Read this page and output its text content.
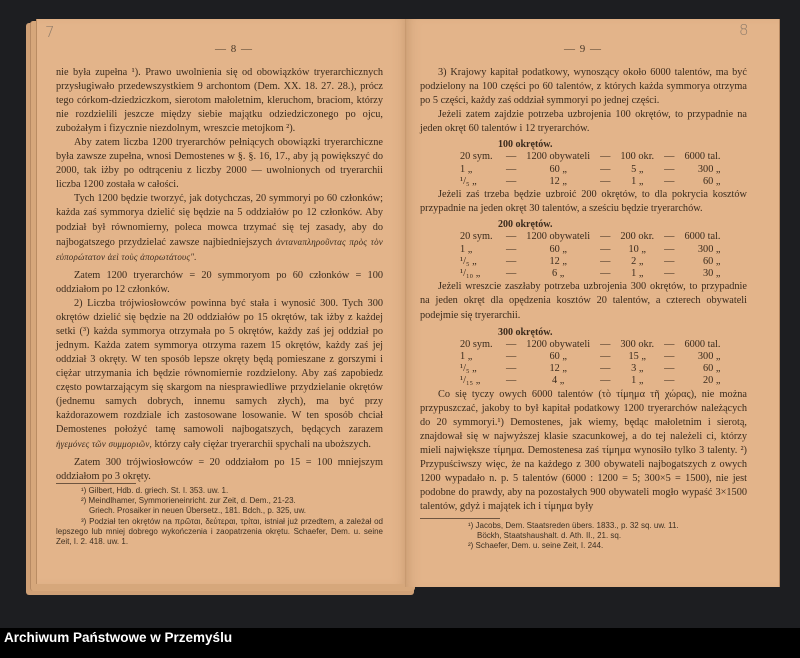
7
— 8 —

nie była zupełna ¹). Prawo uwolnienia się od obowiązków tryerarchicznych przysługiwało przedewszystkiem 9 archontom (Dem. XX. 18. 27. 28.), prócz tego córkom-dziedziczkom, sierotom małoletnim, kleruchom, braciom, którzy nie rozdzielili jeszcze między siebie majątku odziedziczonego po ojcu, zubożałym i fizycznie niezdolnym, wreszcie metojkom ²).

Aby zatem liczba 1200 tryerarchów pełniących obowiązki tryerarchiczne była zawsze zupełna, wnosi Demostenes w §. §. 16, 17., aby ją powiększyć do 2000, tak iżby po odtrąceniu z liczby 2000 — uwolnionych od tryerarchii liczba 1200 została w całości.

Tych 1200 będzie tworzyć, jak dotychczas, 20 symmoryi po 60 członków; każda zaś symmorya dzielić się będzie na 5 oddziałów po 12 członków. Aby podział był równomierny, poleca mowca trzymać się tej zasady, aby do najbogatszego przydzielać zawsze najbiedniejszych ἀνταναπληροῦντας πρὸς τὸν εὐπορώτατον ἀεὶ τοὺς ἀπορωτάτους".

Zatem 1200 tryerarchów = 20 symmoryom po 60 członków = 100 oddziałom po 12 członków.

2) Liczba trójwiosłowców powinna być stała i wynosić 300. Tych 300 okrętów dzielić się będzie na 20 oddziałów po 15 okrętów, tak iżby z każdej setki (³) każda symmorya otrzymała po 5 okrętów, każdy zaś jej oddział po jednym. Każda zatem symmorya otrzyma razem 15 okrętów, każdy zaś jej oddział 3 okręty. W ten sposób lepsze okręty będą pomieszane z gorszymi i ciężar utrzymania ich będzie równomiernie rozdzielony. Aby zaś zapobiedz często powtarzającym się skargom na niesprawiedliwe przydzielanie okrętów (jednemu samych dobrych, innemu samych złych), ma być przy każdorazowem rozdziale ich zastosowane losowanie. W ten sposób chciał Demostenes położyć tamę samowoli najbogatszych, będących zarazem ἡγεμόνες τῶν συμμοριῶν, którzy cały ciężar tryerarchii spychali na uboższych.

Zatem 300 trójwiosłowców = 20 oddziałom po 15 = 100 mniejszym oddziałom po 3 okręty.

¹) Gilbert, Hdb. d. griech. St. I. 353. uw. 1.

²) Meindlhamer, Symmorieneinricht. zur Zeit, d. Dem., 21-23.

Griech. Prosaiker in neuen Übersetz., 181. Bdch., p. 325, uw.

³) Podział ten okrętów na πρῶται, δεύτεραι, τρίται, istniał już przedtem, a zależał od lepszego lub mniej dobrego wykończenia i zaopatrzenia okrętu. Schaefer, Dem. u. seine Zeit, I. 2. 418. uw. 1.

8
— 9 —

3) Krajowy kapitał podatkowy, wynoszący około 6000 talentów, ma być podzielony na 100 części po 60 talentów, z których każda symmorya otrzyma po 5 części, każdy zaś oddział symmoryi po jednej części.

Jeżeli zatem zajdzie potrzeba uzbrojenia 100 okrętów, to przypadnie na jeden okręt 60 talentów i 12 tryerarchów.

100 okrętów.
20 sym.	—	1200 obywateli	—	100 okr.	—	6000 tal.
1 „	—	60 „	—	5 „	—	300 „
¹/₅ „	—	12 „	—	1 „	—	60 „

Jeżeli zaś trzeba będzie uzbroić 200 okrętów, to dla pokrycia kosztów przypadnie na jeden okręt 30 talentów, a sześciu będzie tryerarchów.

200 okrętów.
20 sym.	—	1200 obywateli	—	200 okr.	—	6000 tal.
1 „	—	60 „	—	10 „	—	300 „
¹/₅ „	—	12 „	—	2 „	—	60 „
¹/₁₀ „	—	6 „	—	1 „	—	30 „

Jeżeli wreszcie zaszłaby potrzeba uzbrojenia 300 okrętów, to przypadnie na jeden okręt dla opędzenia kosztów 20 talentów, a czterech obywateli podejmie się tryerarchii.

300 okrętów.
20 sym.	—	1200 obywateli	—	300 okr.	—	6000 tal.
1 „	—	60 „	—	15 „	—	300 „
¹/₅ „	—	12 „	—	3 „	—	60 „
¹/₁₅ „	—	4 „	—	1 „	—	20 „

Co się tyczy owych 6000 talentów (τὸ τίμημα τῆ χώρας), nie można przypuszczać, jakoby to był kapitał podatkowy 1200 tryerarchów należących do 20 symmoryi.¹) Demostenes, jak wiemy, będąc małoletnim i sierotą, znajdował się w najwyższej klasie szacunkowej, a do tej należeli ci, którzy mieli największe τίμημα. Demostenesa zaś τίμημα wynosiło tylko 3 talenty. ²) Przypuściwszy więc, że na każdego z 300 obywateli najbogatszych z owych 1200 wypadało n. p. 5 talentów (6000 : 1200 = 5; 300×5 = 1500), nie jest podobne do prawdy, aby na pozostałych 900 obywateli mogło wypaść 3×1500 talentów, gdyż i majątek ich i τίμημα były

¹) Jacobs, Dem. Staatsreden übers. 1833., p. 32 sq. uw. 11.

Böckh, Staatshaushalt. d. Ath. II., 21. sq.

²) Schaefer, Dem. u. seine Zeit, I. 244.

Archiwum Państwowe w Przemyślu
